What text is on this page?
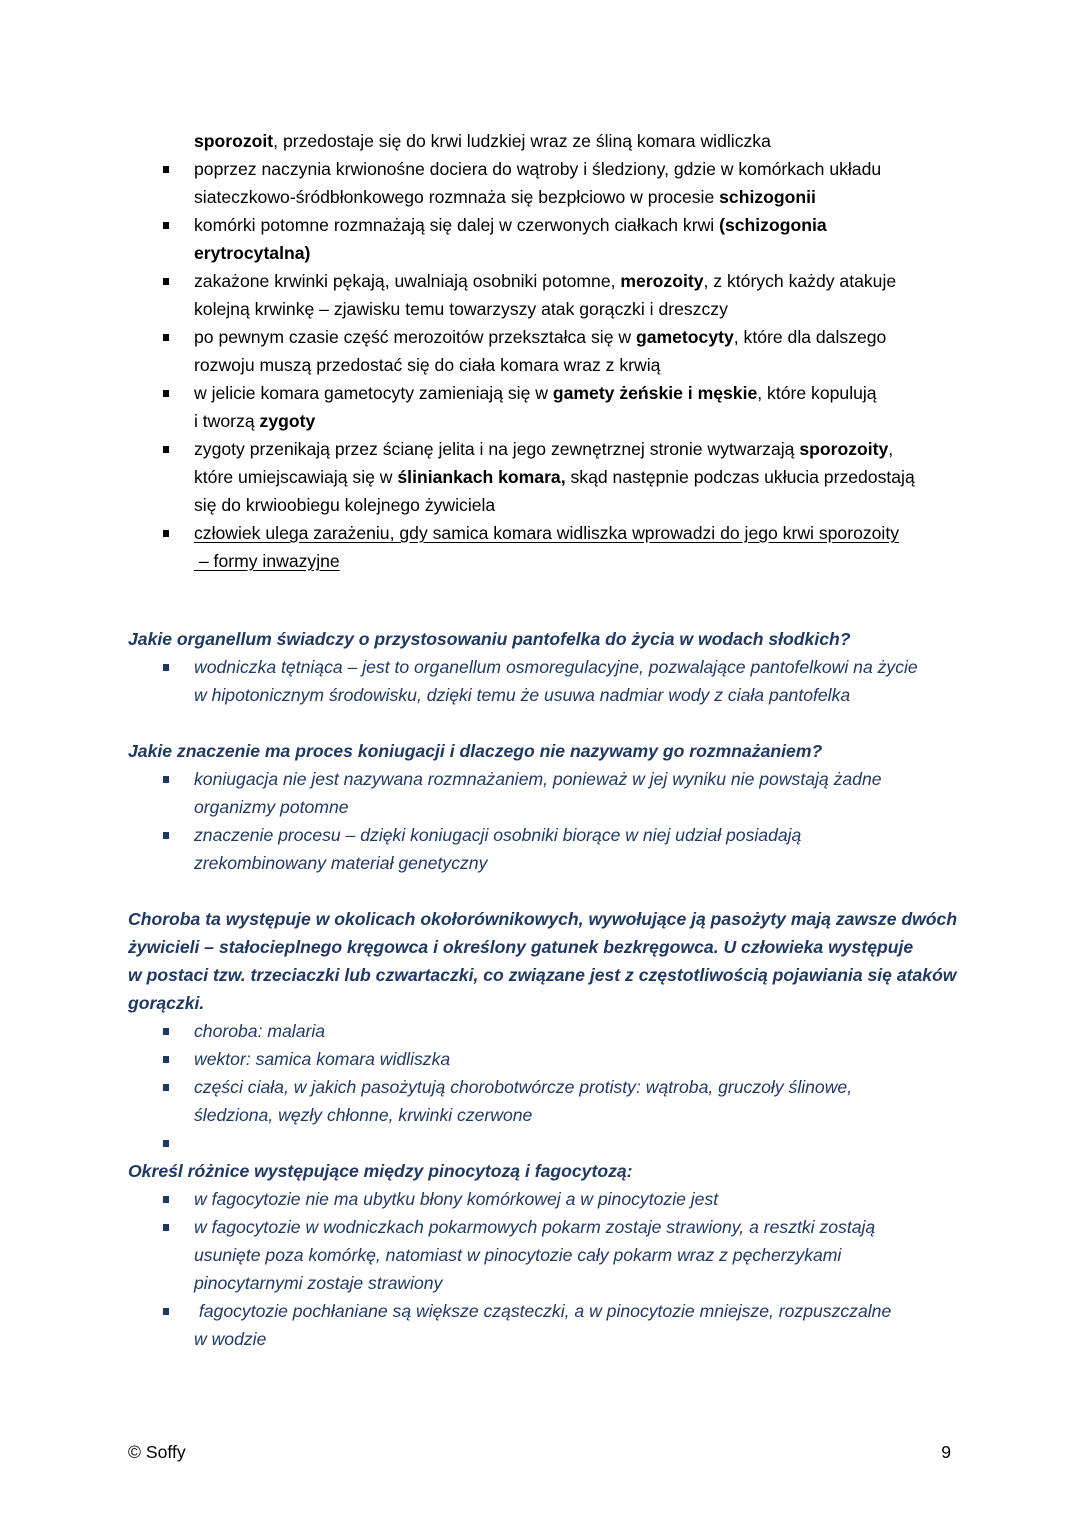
sporozoit, przedostaje się do krwi ludzkiej wraz ze śliną komara widliczka
poprzez naczynia krwionośne dociera do wątroby i śledziony, gdzie w komórkach układu
siateczkowo-śródbłonkowego rozmnaża się bezpłciowo w procesie schizogonii
komórki potomne rozmnażają się dalej w czerwonych ciałkach krwi (schizogonia
erytrocytalna)
zakażone krwinki pękają, uwalniają osobniki potomne, merozoity, z których każdy atakuje
kolejną krwinkę – zjawisku temu towarzyszy atak gorączki i dreszczy
po pewnym czasie część merozoitów przekształca się w gametocyty, które dla dalszego
rozwoju muszą przedostać się do ciała komara wraz z krwią
w jelicie komara gametocyty zamieniają się w gamety żeńskie i męskie, które kopulują
i tworzą zygoty
zygoty przenikają przez ścianę jelita i na jego zewnętrznej stronie wytwarzają sporozoity,
które umiejscawiają się w śliniankach komara, skąd następnie podczas ukłucia przedostają
się do krwioobiegu kolejnego żywiciela
człowiek ulega zarażeniu, gdy samica komara widliszka wprowadzi do jego krwi sporozoity
– formy inwazyjne
Jakie organellum świadczy o przystosowaniu pantofelka do życia w wodach słodkich?
wodniczka tętniąca – jest to organellum osmoregulacyjne, pozwalające pantofelkowi na życie
w hipotonicznym środowisku, dzięki temu że usuwa nadmiar wody z ciała pantofelka
Jakie znaczenie ma proces koniugacji i dlaczego nie nazywamy go rozmnażaniem?
koniugacja nie jest nazywana rozmnażaniem, ponieważ w jej wyniku nie powstają żadne
organizmy potomne
znaczenie procesu – dzięki koniugacji osobniki biorące w niej udział posiadają
zrekombinowany materiał genetyczny
Choroba ta występuje w okolicach okołorównikowych, wywołujące ją pasożyty mają zawsze dwóch
żywicieli – stałocieplnego kręgowca i określony gatunek bezkręgowca. U człowieka występuje
w postaci tzw. trzeciaczki lub czwartaczki, co związane jest z częstotliwością pojawiania się ataków
gorączki.
choroba: malaria
wektor: samica komara widliszka
części ciała, w jakich pasożytują chorobotwórcze protisty: wątroba, gruczoły ślinowe,
śledziona, węzły chłonne, krwinki czerwone
Określ różnice występujące między pinocytozą i fagocytozą:
w fagocytozie nie ma ubytku błony komórkowej a w pinocytozie jest
w fagocytozie w wodniczkach pokarmowych pokarm zostaje strawiony, a resztki zostają
usunięte poza komórkę, natomiast w pinocytozie cały pokarm wraz z pęcherzykami
pinocytarnymi zostaje strawiony
fagocytozie pochłaniane są większe cząsteczki, a w pinocytozie mniejsze, rozpuszczalne
w wodzie
© Soffy	9
